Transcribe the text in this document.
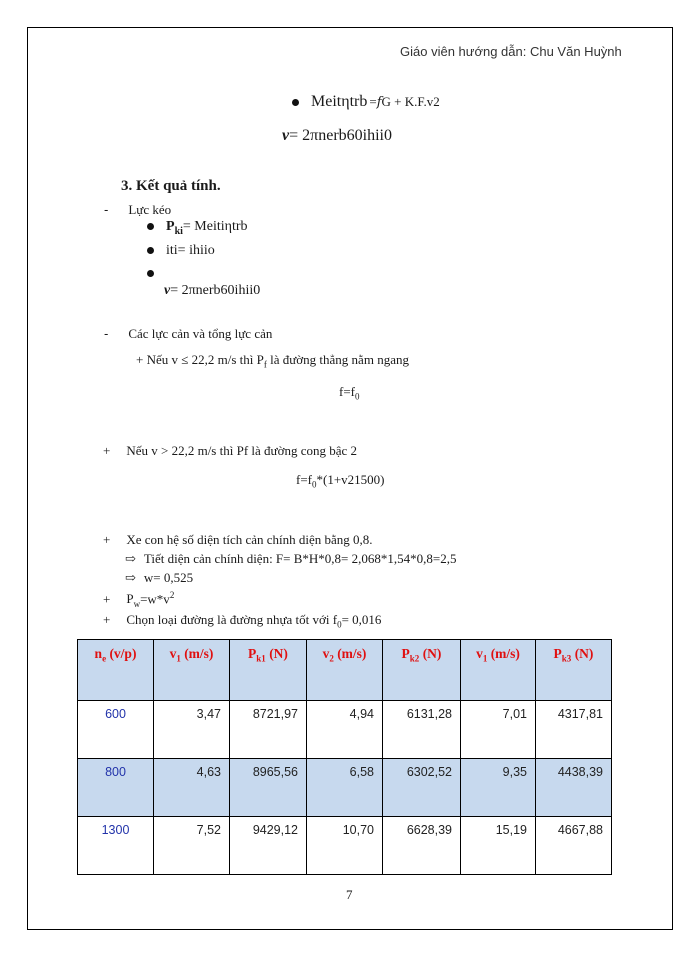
Giáo viên hướng dẫn: Chu Văn Huỳnh
Meitηtrb =𝑓G + K.F.v2
v= 2πnerb60ihii0
3. Kết quả tính.
- Lực kéo
$P_{ki}=$ Meitiηtrb
iti= ihiio
v= 2πnerb60ihii0
- Các lực cản và tổng lực cản
+ Nếu v ≤ 22,2 m/s thì $P_f$ là đường thẳng nằm ngang
$f=f_0$
+ Nếu v > 22,2 m/s thì Pf là đường cong bậc 2
$f=f_0*(1+v21500)$
+ Xe con hệ số diện tích cản chính diện bằng 0,8.
⇨ Tiết diện cản chính diện: F= B*H*0,8= 2,068*1,54*0,8=2,5
⇨ w= 0,525
+ $P_w=w*v^2$
+ Chọn loại đường là đường nhựa tốt với $f_0= 0,016$
$n_e$ (v/p)	$v_1$ (m/s)	$P_{k1}$ (N)	$v_2$ (m/s)	$P_{k2}$ (N)	$v_1$ (m/s)	$P_{k3}$ (N)
600	3,47	8721,97	4,94	6131,28	7,01	4317,81
800	4,63	8965,56	6,58	6302,52	9,35	4438,39
1300	7,52	9429,12	10,70	6628,39	15,19	4667,88
7
